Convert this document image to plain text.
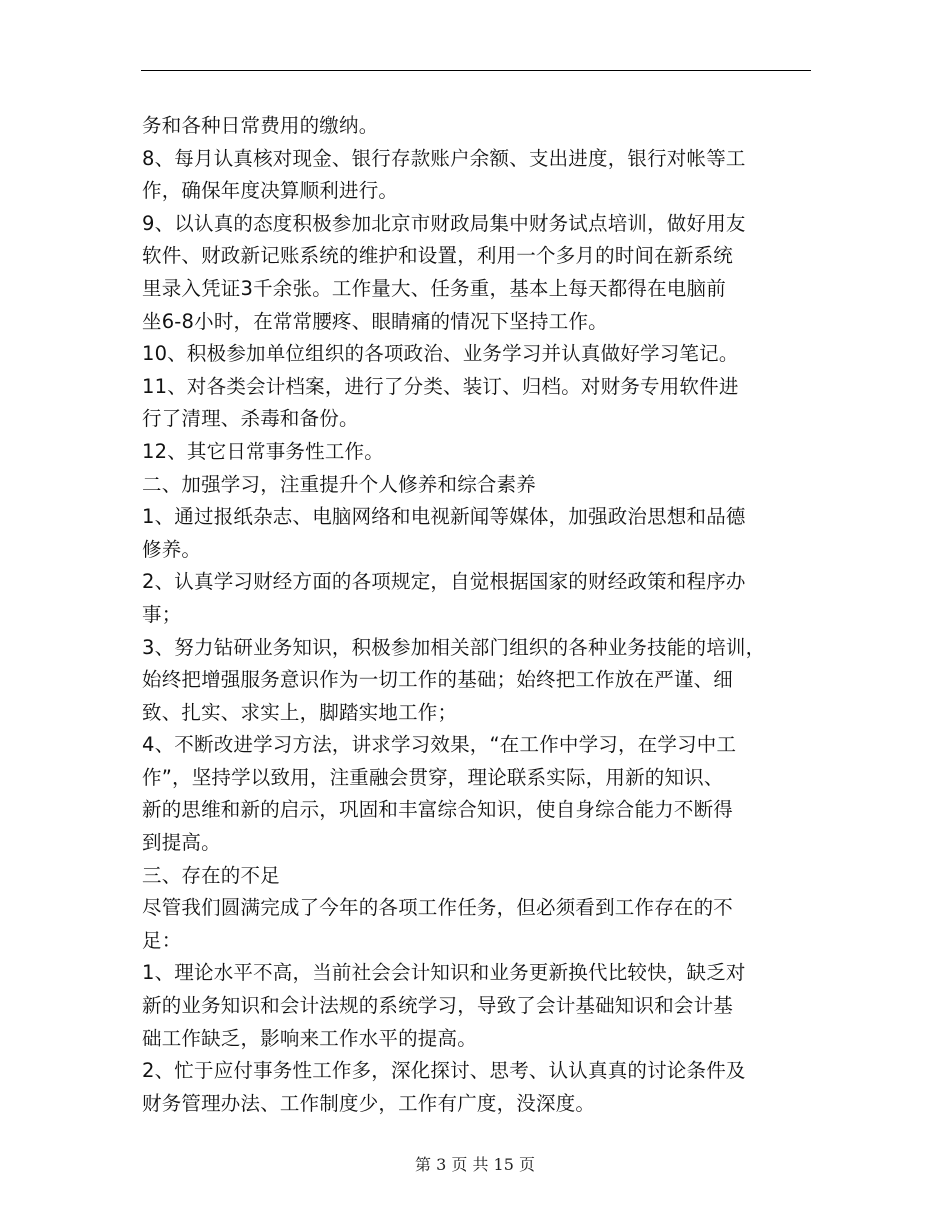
务和各种日常费用的缴纳。
8、每月认真核对现金、银行存款账户余额、支出进度，银行对帐等工
作，确保年度决算顺利进行。
9、以认真的态度积极参加北京市财政局集中财务试点培训，做好用友
软件、财政新记账系统的维护和设置，利用一个多月的时间在新系统
里录入凭证3千余张。工作量大、任务重，基本上每天都得在电脑前
坐6-8小时，在常常腰疼、眼睛痛的情况下坚持工作。
10、积极参加单位组织的各项政治、业务学习并认真做好学习笔记。
11、对各类会计档案，进行了分类、装订、归档。对财务专用软件进
行了清理、杀毒和备份。
12、其它日常事务性工作。
二、加强学习，注重提升个人修养和综合素养
1、通过报纸杂志、电脑网络和电视新闻等媒体，加强政治思想和品德
修养。
2、认真学习财经方面的各项规定，自觉根据国家的财经政策和程序办
事；
3、努力钻研业务知识，积极参加相关部门组织的各种业务技能的培训，
始终把增强服务意识作为一切工作的基础；始终把工作放在严谨、细
致、扎实、求实上，脚踏实地工作；
4、不断改进学习方法，讲求学习效果，“在工作中学习，在学习中工
作”，坚持学以致用，注重融会贯穿，理论联系实际，用新的知识、
新的思维和新的启示，巩固和丰富综合知识，使自身综合能力不断得
到提高。
三、存在的不足
尽管我们圆满完成了今年的各项工作任务，但必须看到工作存在的不
足：
1、理论水平不高，当前社会会计知识和业务更新换代比较快，缺乏对
新的业务知识和会计法规的系统学习，导致了会计基础知识和会计基
础工作缺乏，影响来工作水平的提高。
2、忙于应付事务性工作多，深化探讨、思考、认认真真的讨论条件及
财务管理办法、工作制度少，工作有广度，没深度。
第 3 页 共 15 页
